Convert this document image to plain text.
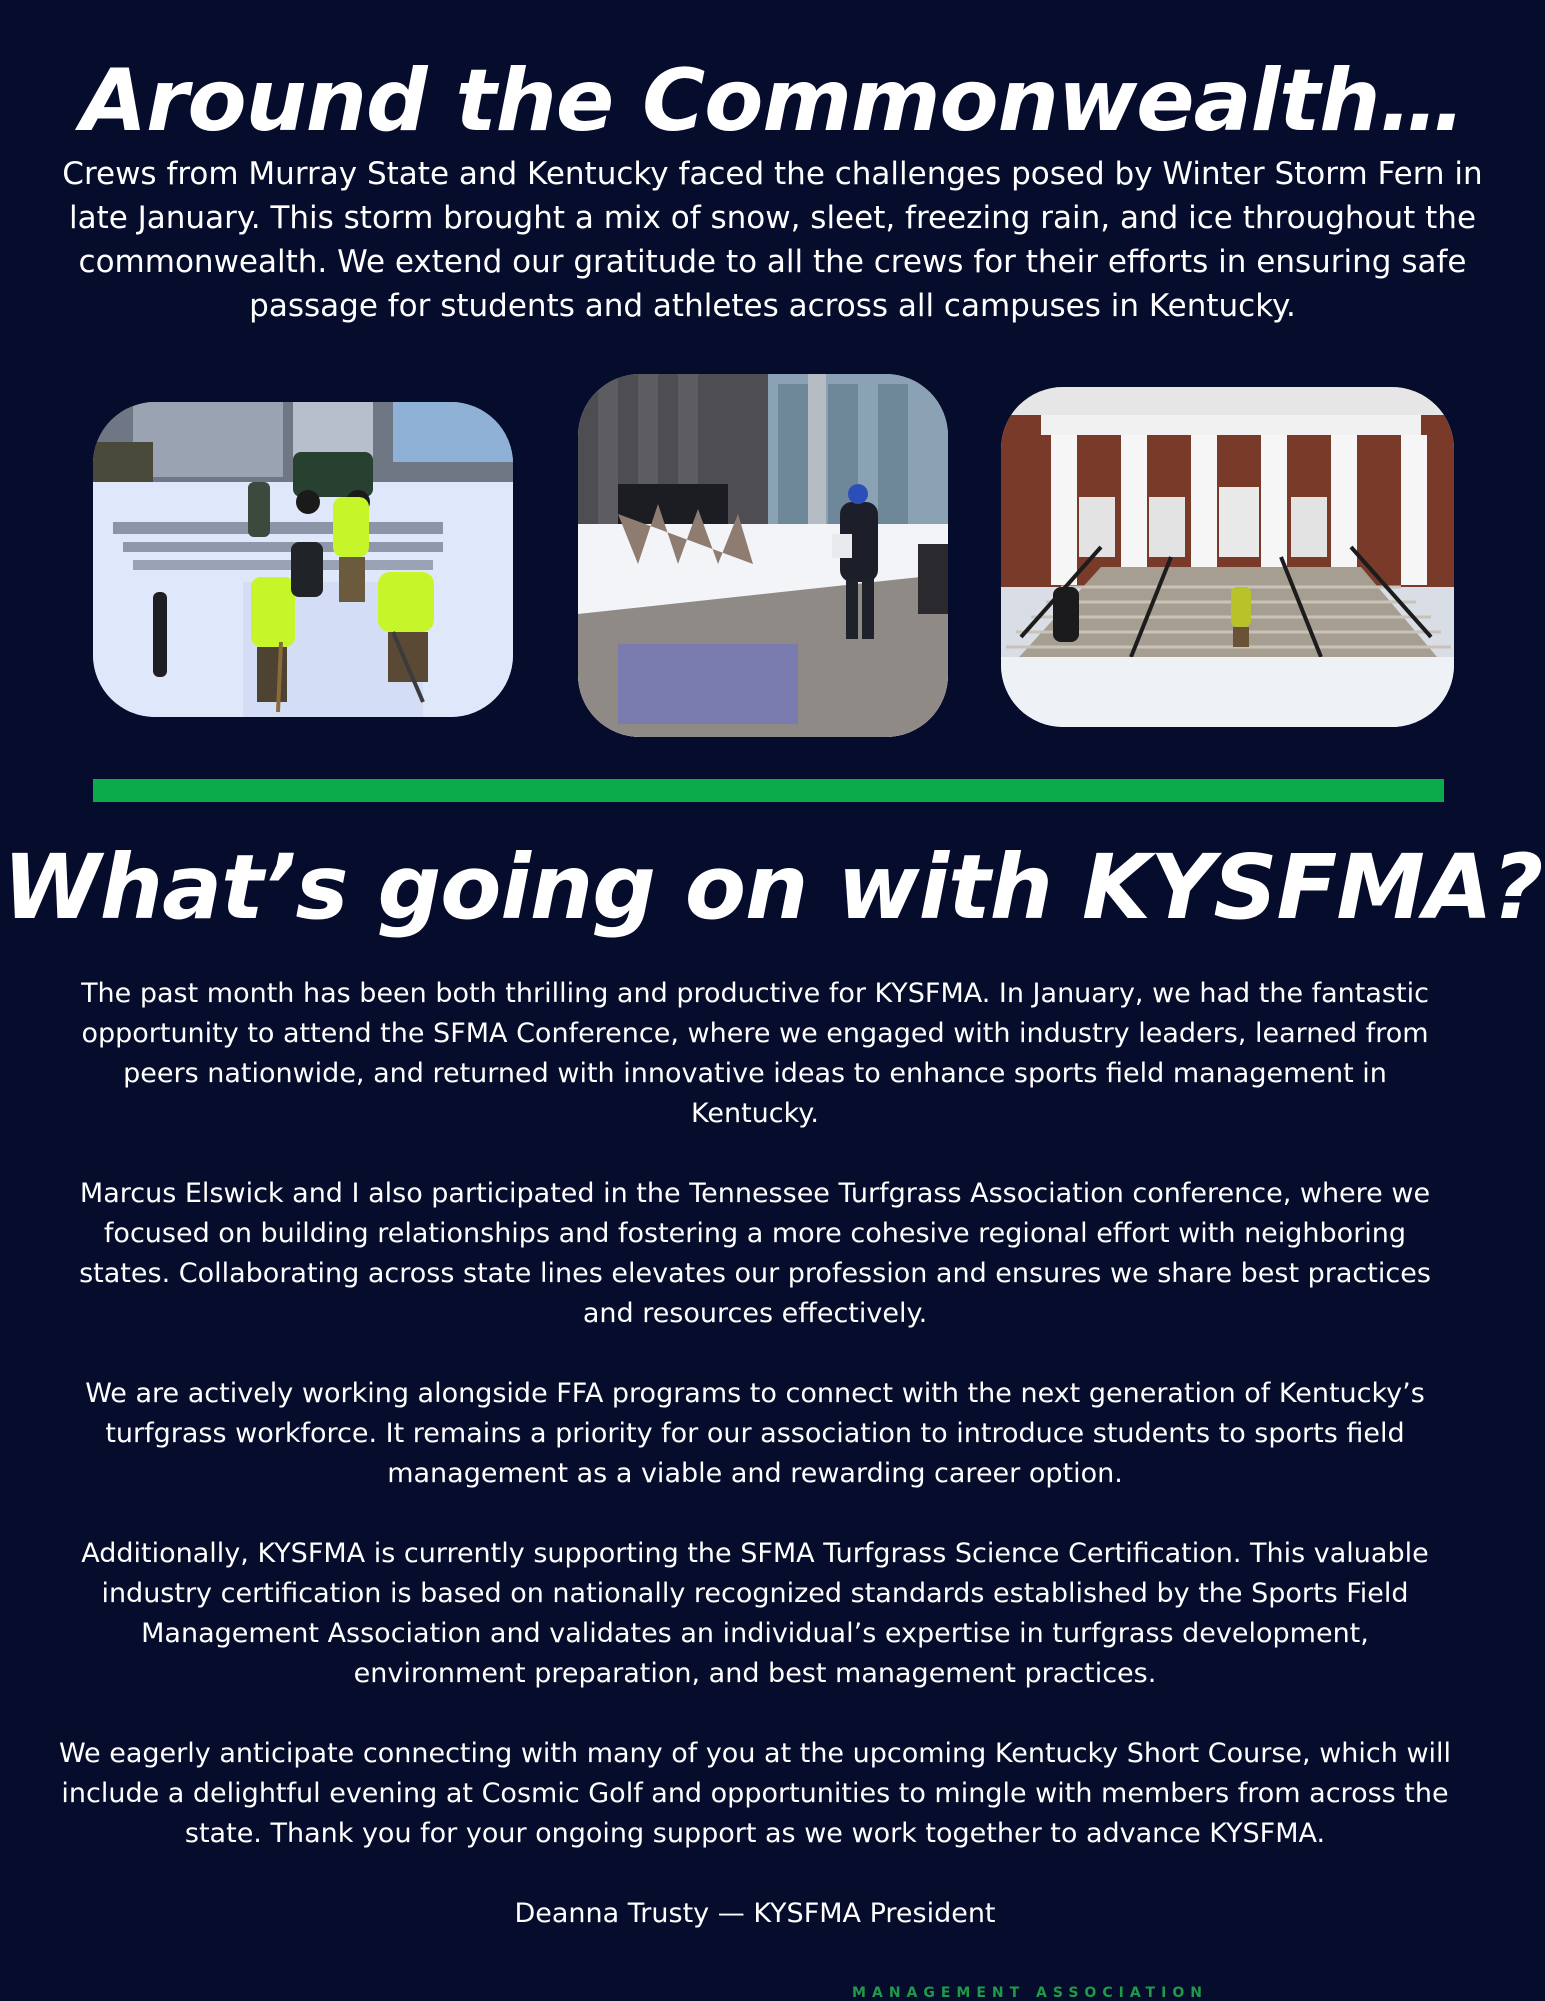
Around the Commonwealth…

Crews from Murray State and Kentucky faced the challenges posed by Winter Storm Fern in late January. This storm brought a mix of snow, sleet, freezing rain, and ice throughout the commonwealth. We extend our gratitude to all the crews for their efforts in ensuring safe passage for students and athletes across all campuses in Kentucky.

What’s going on with KYSFMA?

The past month has been both thrilling and productive for KYSFMA. In January, we had the fantastic opportunity to attend the SFMA Conference, where we engaged with industry leaders, learned from peers nationwide, and returned with innovative ideas to enhance sports field management in Kentucky.

Marcus Elswick and I also participated in the Tennessee Turfgrass Association conference, where we focused on building relationships and fostering a more cohesive regional effort with neighboring states. Collaborating across state lines elevates our profession and ensures we share best practices and resources effectively.

We are actively working alongside FFA programs to connect with the next generation of Kentucky’s turfgrass workforce. It remains a priority for our association to introduce students to sports field management as a viable and rewarding career option.

Additionally, KYSFMA is currently supporting the SFMA Turfgrass Science Certification. This valuable industry certification is based on nationally recognized standards established by the Sports Field Management Association and validates an individual’s expertise in turfgrass development, environment preparation, and best management practices.

We eagerly anticipate connecting with many of you at the upcoming Kentucky Short Course, which will include a delightful evening at Cosmic Golf and opportunities to mingle with members from across the state. Thank you for your ongoing support as we work together to advance KYSFMA.

Deanna Trusty — KYSFMA President

MANAGEMENT ASSOCIATION
